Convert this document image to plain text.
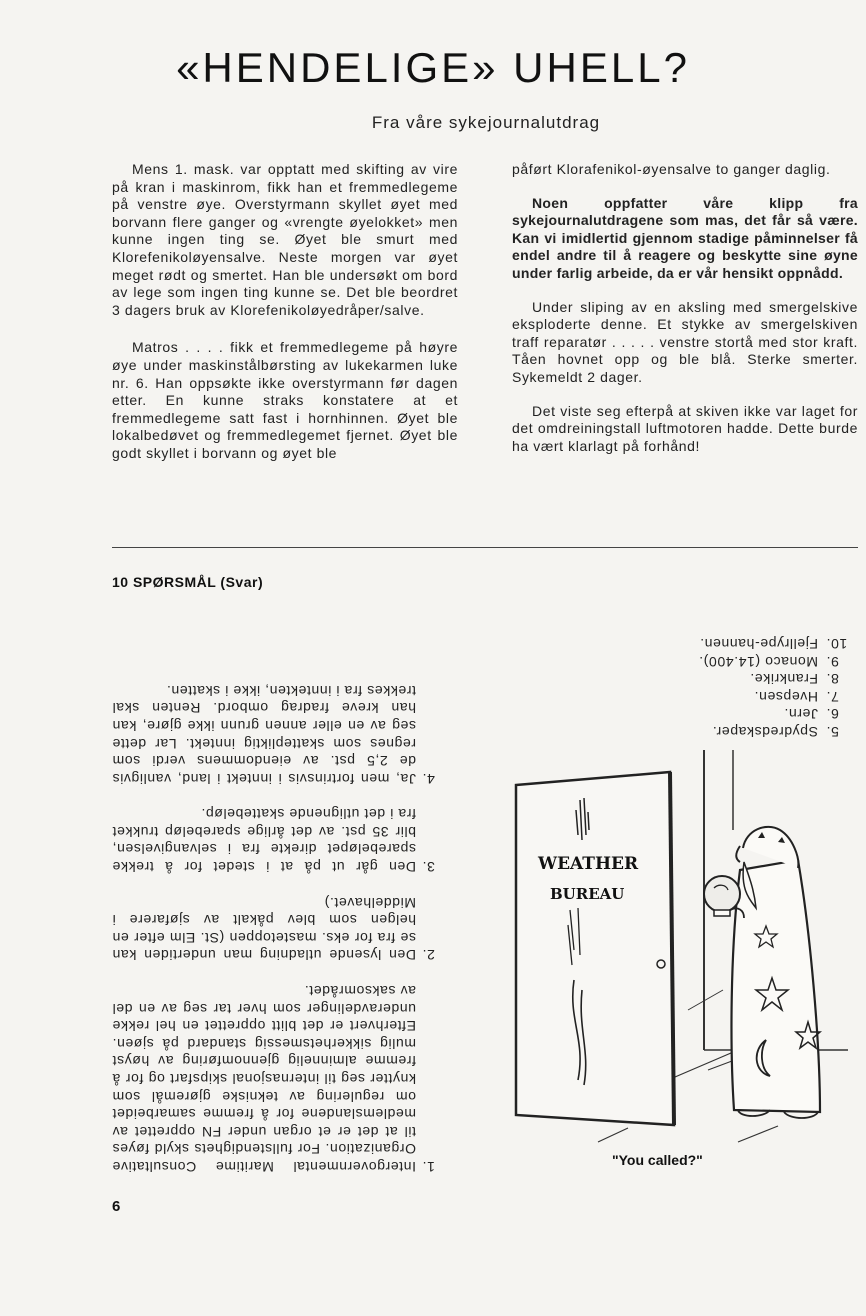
«HENDELIGE» UHELL?
Fra våre sykejournalutdrag

Mens 1. mask. var opptatt med skifting av vire på kran i maskinrom, fikk han et fremmedlegeme på venstre øye. Overstyrmann skyllet øyet med borvann flere ganger og «vrengte øyelokket» men kunne ingen ting se. Øyet ble smurt med Klorefenikoløyensalve. Neste morgen var øyet meget rødt og smertet. Han ble undersøkt om bord av lege som ingen ting kunne se. Det ble beordret 3 dagers bruk av Klorefenikoløyedråper/salve.

Matros . . . . fikk et fremmedlegeme på høyre øye under maskinstålbørsting av lukekarmen luke nr. 6. Han oppsøkte ikke overstyrmann før dagen etter. En kunne straks konstatere at et fremmedlegeme satt fast i hornhinnen. Øyet ble lokalbedøvet og fremmedlegemet fjernet. Øyet ble godt skyllet i borvann og øyet ble

påført Klorafenikol-øyensalve to ganger daglig.

Noen oppfatter våre klipp fra sykejournalutdragene som mas, det får så være. Kan vi imidlertid gjennom stadige påminnelser få endel andre til å reagere og beskytte sine øyne under farlig arbeide, da er vår hensikt oppnådd.

Under sliping av en aksling med smergelskive eksploderte denne. Et stykke av smergelskiven traff reparatør . . . . . venstre stortå med stor kraft. Tåen hovnet opp og ble blå. Sterke smerter. Sykemeldt 2 dager.

Det viste seg efterpå at skiven ikke var laget for det omdreiningstall luftmotoren hadde. Dette burde ha vært klarlagt på forhånd!

10 SPØRSMÅL (Svar)
1.
Intergovernmental Maritime Consultative Organization. For fullstendighets skyld føyes til at det er et organ under FN opprettet av medlemslandene for å fremme samarbeidet om regulering av tekniske gjøremål som knytter seg til internasjonal skipsfart og for å fremme alminnelig gjennomføring av høyst mulig sikkerhetsmessig standard på sjøen. Efterhvert er det blitt opprettet en hel rekke underavdelinger som hver tar seg av en del av saksområdet.
2.
Den lysende utladning man undertiden kan se fra for eks. mastetoppen (St. Elm efter en helgen som blev påkalt av sjøfarere i Middelhavet.)
3.
Den går ut på at i stedet for å trekke sparebeløpet direkte fra i selvangivelsen, blir 35 pst. av det årlige sparebeløp trukket fra i det utlignende skattebeløp.
4.
Ja, men fortrinsvis i inntekt i land, vanligvis de 2,5 pst. av eiendommens verdi som regnes som skattepliktig inntekt. Lar dette seg av en eller annen grunn ikke gjøre, kan han kreve fradrag ombord. Renten skal trekkes fra i inntekten, ikke i skatten.
5.
Spydredskaper.
6.
Jern.
7.
Hvepsen.
8.
Frankrike.
9.
Monaco (14.400).
10.
Fjellrype-hannen.
WEATHER
BUREAU
"You called?"
6
